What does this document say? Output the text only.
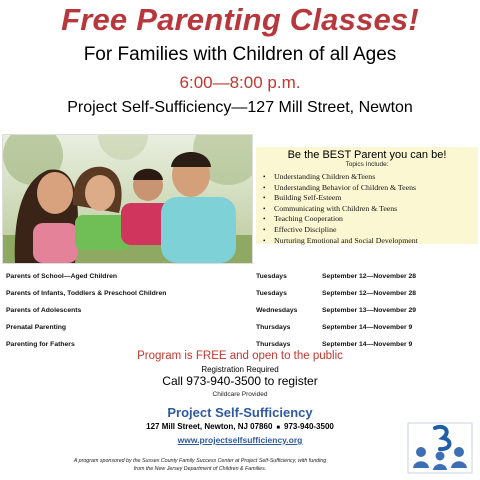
Free Parenting Classes!
For Families with Children of all Ages
6:00—8:00 p.m.
Project Self-Sufficiency—127 Mill Street, Newton
Be the BEST Parent you can be!
Topics Include:
• Understanding Children &Teens
• Understanding Behavior of Children & Teens
• Building Self-Esteem
• Communicating with Children & Teens
• Teaching Cooperation
• Effective Discipline
• Nurturing Emotional and Social Development
Parents of School—Aged Children	Tuesdays	September 12—November 28
Parents of Infants, Toddlers & Preschool Children	Tuesdays	September 12—November 28
Parents of Adolescents	Wednesdays	September 13—November 29
Prenatal Parenting	Thursdays	September 14—November 9
Parenting for Fathers	Thursdays	September 14—November 9
Program is FREE and open to the public
Registration Required
Call 973-940-3500 to register
Childcare Provided
Project Self-Sufficiency
127 Mill Street, Newton, NJ 07860 ■ 973-940-3500
www.projectselfsufficiency.org
A program sponsored by the Sussex County Family Success Center at Project Self-Sufficiency, with funding
from the New Jersey Department of Children & Families.
